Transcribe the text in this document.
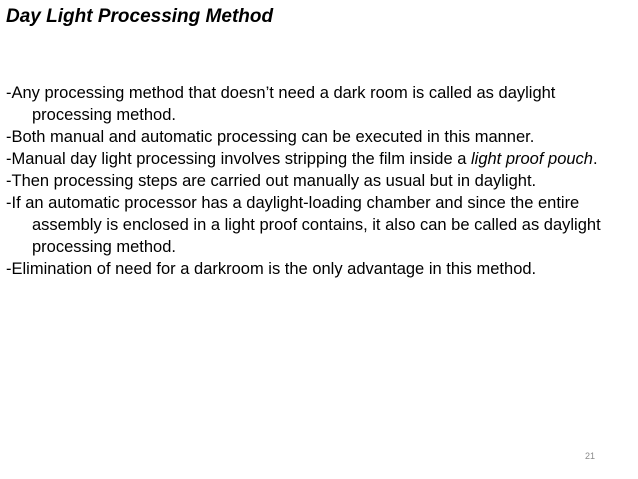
Day Light Processing Method
-Any processing method that doesn’t need a dark room is called as daylight processing method.
-Both manual and automatic processing can be executed in this manner.
-Manual day light processing involves stripping the film inside a light proof pouch.
-Then processing steps are carried out manually as usual but in daylight.
-If an automatic processor has a daylight-loading chamber and since the entire assembly is enclosed in a light proof contains, it also can be called as daylight processing method.
-Elimination of need for a darkroom is the only advantage in this method.
21
